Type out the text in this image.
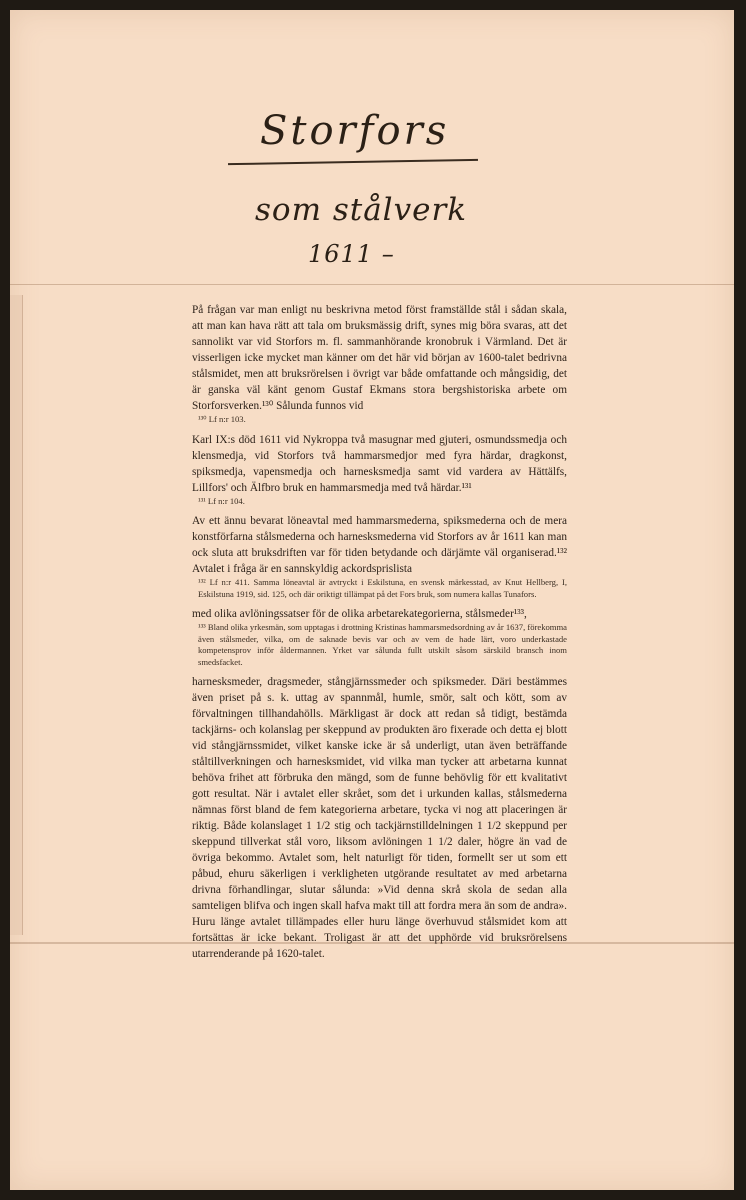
Storfors
som stålverk
1611 –

På frågan var man enligt nu beskrivna metod först framställde stål i sådan skala, att man kan hava rätt att tala om bruksmässig drift, synes mig böra svaras, att det sannolikt var vid Storfors m. fl. sammanhörande kronobruk i Värmland. Det är visserligen icke mycket man känner om det här vid början av 1600-talet bedrivna stålsmidet, men att bruksrörelsen i övrigt var både omfattande och mångsidig, det är ganska väl känt genom Gustaf Ekmans stora bergshistoriska arbete om Storforsverken.¹³⁰ Sålunda funnos vid

¹³⁰ Lf n:r 103.

Karl IX:s död 1611 vid Nykroppa två masugnar med gjuteri, osmundssmedja och klensmedja, vid Storfors två hammarsmedjor med fyra härdar, dragkonst, spiksmedja, vapensmedja och harnesksmedja samt vid vardera av Hättälfs, Lillfors' och Älfbro bruk en hammarsmedja med två härdar.¹³¹

¹³¹ Lf n:r 104.

Av ett ännu bevarat löneavtal med hammarsmederna, spiksmederna och de mera konstförfarna stålsmederna och harnesksmederna vid Storfors av år 1611 kan man ock sluta att bruksdriften var för tiden betydande och därjämte väl organiserad.¹³² Avtalet i fråga är en sannskyldig ackordsprislista

¹³² Lf n:r 411. Samma löneavtal är avtryckt i Eskilstuna, en svensk märkesstad, av Knut Hellberg, I, Eskilstuna 1919, sid. 125, och där oriktigt tillämpat på det Fors bruk, som numera kallas Tunafors.

med olika avlöningssatser för de olika arbetarekategorierna, stålsmeder¹³³,

¹³³ Bland olika yrkesmän, som upptagas i drottning Kristinas hammarsmedsordning av år 1637, förekomma även stålsmeder, vilka, om de saknade bevis var och av vem de hade lärt, voro underkastade kompetensprov inför åldermannen. Yrket var sålunda fullt utskilt såsom särskild bransch inom smedsfacket.

harnesksmeder, dragsmeder, stångjärnssmeder och spiksmeder. Däri bestämmes även priset på s. k. uttag av spannmål, humle, smör, salt och kött, som av förvaltningen tillhandahölls. Märkligast är dock att redan så tidigt, bestämda tackjärns- och kolanslag per skeppund av produkten äro fixerade och detta ej blott vid stångjärnssmidet, vilket kanske icke är så underligt, utan även beträffande ståltillverkningen och harnesksmidet, vid vilka man tycker att arbetarna kunnat behöva frihet att förbruka den mängd, som de funne behövlig för ett kvalitativt gott resultat. När i avtalet eller skrået, som det i urkunden kallas, stålsmederna nämnas först bland de fem kategorierna arbetare, tycka vi nog att placeringen är riktig. Både kolanslaget 1 1/2 stig och tackjärnstilldelningen 1 1/2 skeppund per skeppund tillverkat stål voro, liksom avlöningen 1 1/2 daler, högre än vad de övriga bekommo. Avtalet som, helt naturligt för tiden, formellt ser ut som ett påbud, ehuru säkerligen i verkligheten utgörande resultatet av med arbetarna drivna förhandlingar, slutar sålunda: »Vid denna skrå skola de sedan alla samteligen blifva och ingen skall hafva makt till att fordra mera än som de andra». Huru länge avtalet tillämpades eller huru länge överhuvud stålsmidet kom att fortsättas är icke bekant. Troligast är att det upphörde vid bruksrörelsens utarrenderande på 1620-talet.
